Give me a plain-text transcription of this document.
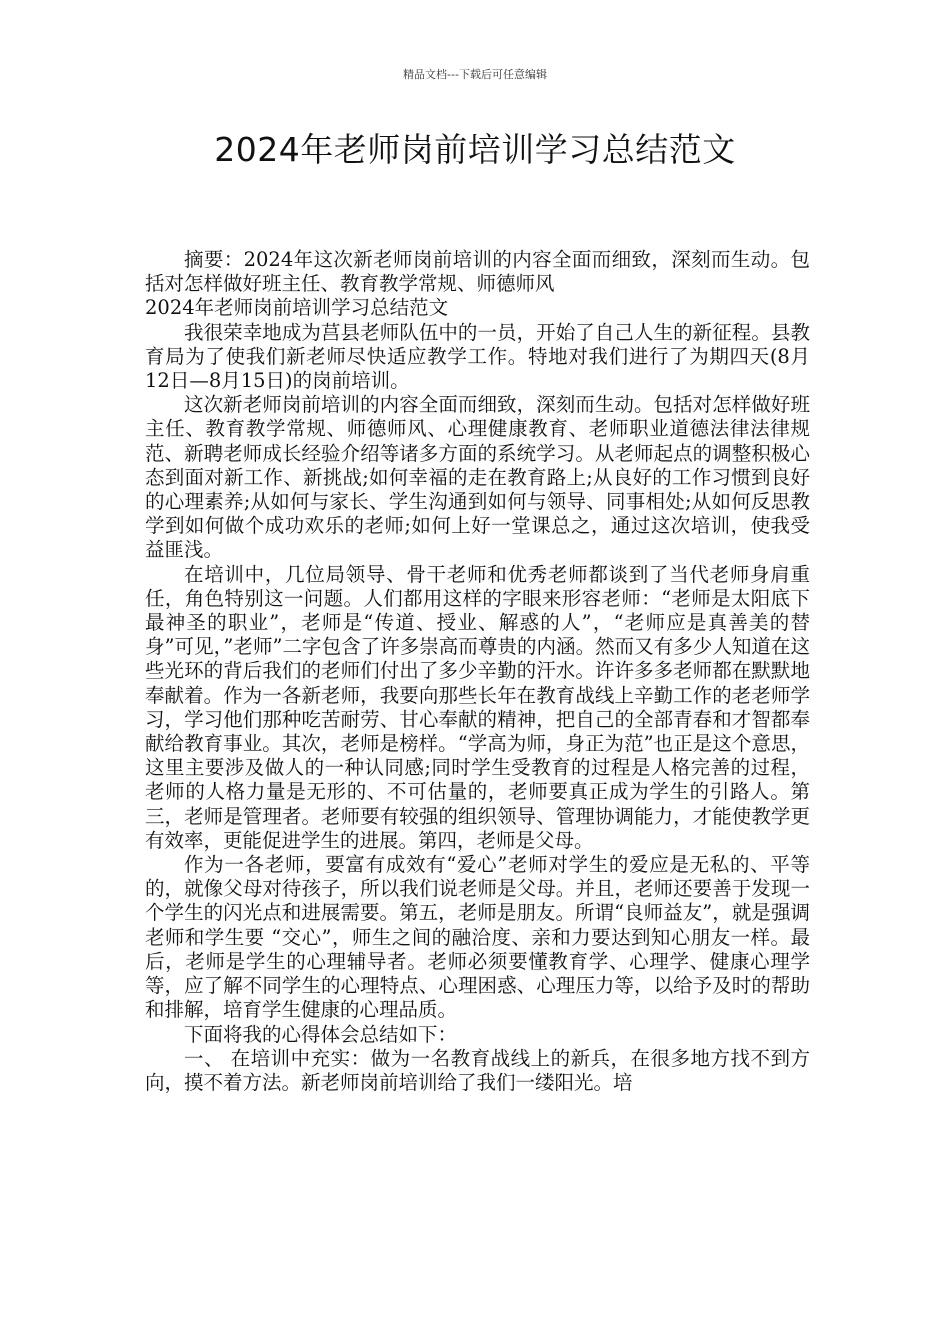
精品文档---下载后可任意编辑
2024年老师岗前培训学习总结范文

摘要：2024年这次新老师岗前培训的内容全面而细致，深刻而生动。包括对怎样做好班主任、教育教学常规、师德师风

2024年老师岗前培训学习总结范文

我很荣幸地成为莒县老师队伍中的一员，开始了自己人生的新征程。县教育局为了使我们新老师尽快适应教学工作。特地对我们进行了为期四天(8月12日—8月15日)的岗前培训。

这次新老师岗前培训的内容全面而细致，深刻而生动。包括对怎样做好班主任、教育教学常规、师德师风、心理健康教育、老师职业道德法律法律规范、新聘老师成长经验介绍等诸多方面的系统学习。从老师起点的调整积极心态到面对新工作、新挑战;如何幸福的走在教育路上;从良好的工作习惯到良好的心理素养;从如何与家长、学生沟通到如何与领导、同事相处;从如何反思教学到如何做个成功欢乐的老师;如何上好一堂课总之，通过这次培训，使我受益匪浅。

在培训中，几位局领导、骨干老师和优秀老师都谈到了当代老师身肩重任，角色特别这一问题。人们都用这样的字眼来形容老师：“老师是太阳底下最神圣的职业”，老师是“传道、授业、解惑的人”，“老师应是真善美的替身”可见，”老师”二字包含了许多崇高而尊贵的内涵。然而又有多少人知道在这些光环的背后我们的老师们付出了多少辛勤的汗水。许许多多老师都在默默地奉献着。作为一各新老师，我要向那些长年在教育战线上辛勤工作的老老师学习，学习他们那种吃苦耐劳、甘心奉献的精神，把自己的全部青春和才智都奉献给教育事业。其次，老师是榜样。“学高为师，身正为范”也正是这个意思，这里主要涉及做人的一种认同感;同时学生受教育的过程是人格完善的过程，老师的人格力量是无形的、不可估量的，老师要真正成为学生的引路人。第三，老师是管理者。老师要有较强的组织领导、管理协调能力，才能使教学更有效率，更能促进学生的进展。第四，老师是父母。

作为一各老师，要富有成效有“爱心”老师对学生的爱应是无私的、平等的，就像父母对待孩子，所以我们说老师是父母。并且，老师还要善于发现一个学生的闪光点和进展需要。第五，老师是朋友。所谓“良师益友”，就是强调老师和学生要 “交心”，师生之间的融洽度、亲和力要达到知心朋友一样。最后，老师是学生的心理辅导者。老师必须要懂教育学、心理学、健康心理学等，应了解不同学生的心理特点、心理困惑、心理压力等，以给予及时的帮助和排解，培育学生健康的心理品质。

下面将我的心得体会总结如下：

一、 在培训中充实：做为一名教育战线上的新兵，在很多地方找不到方向，摸不着方法。新老师岗前培训给了我们一缕阳光。培
